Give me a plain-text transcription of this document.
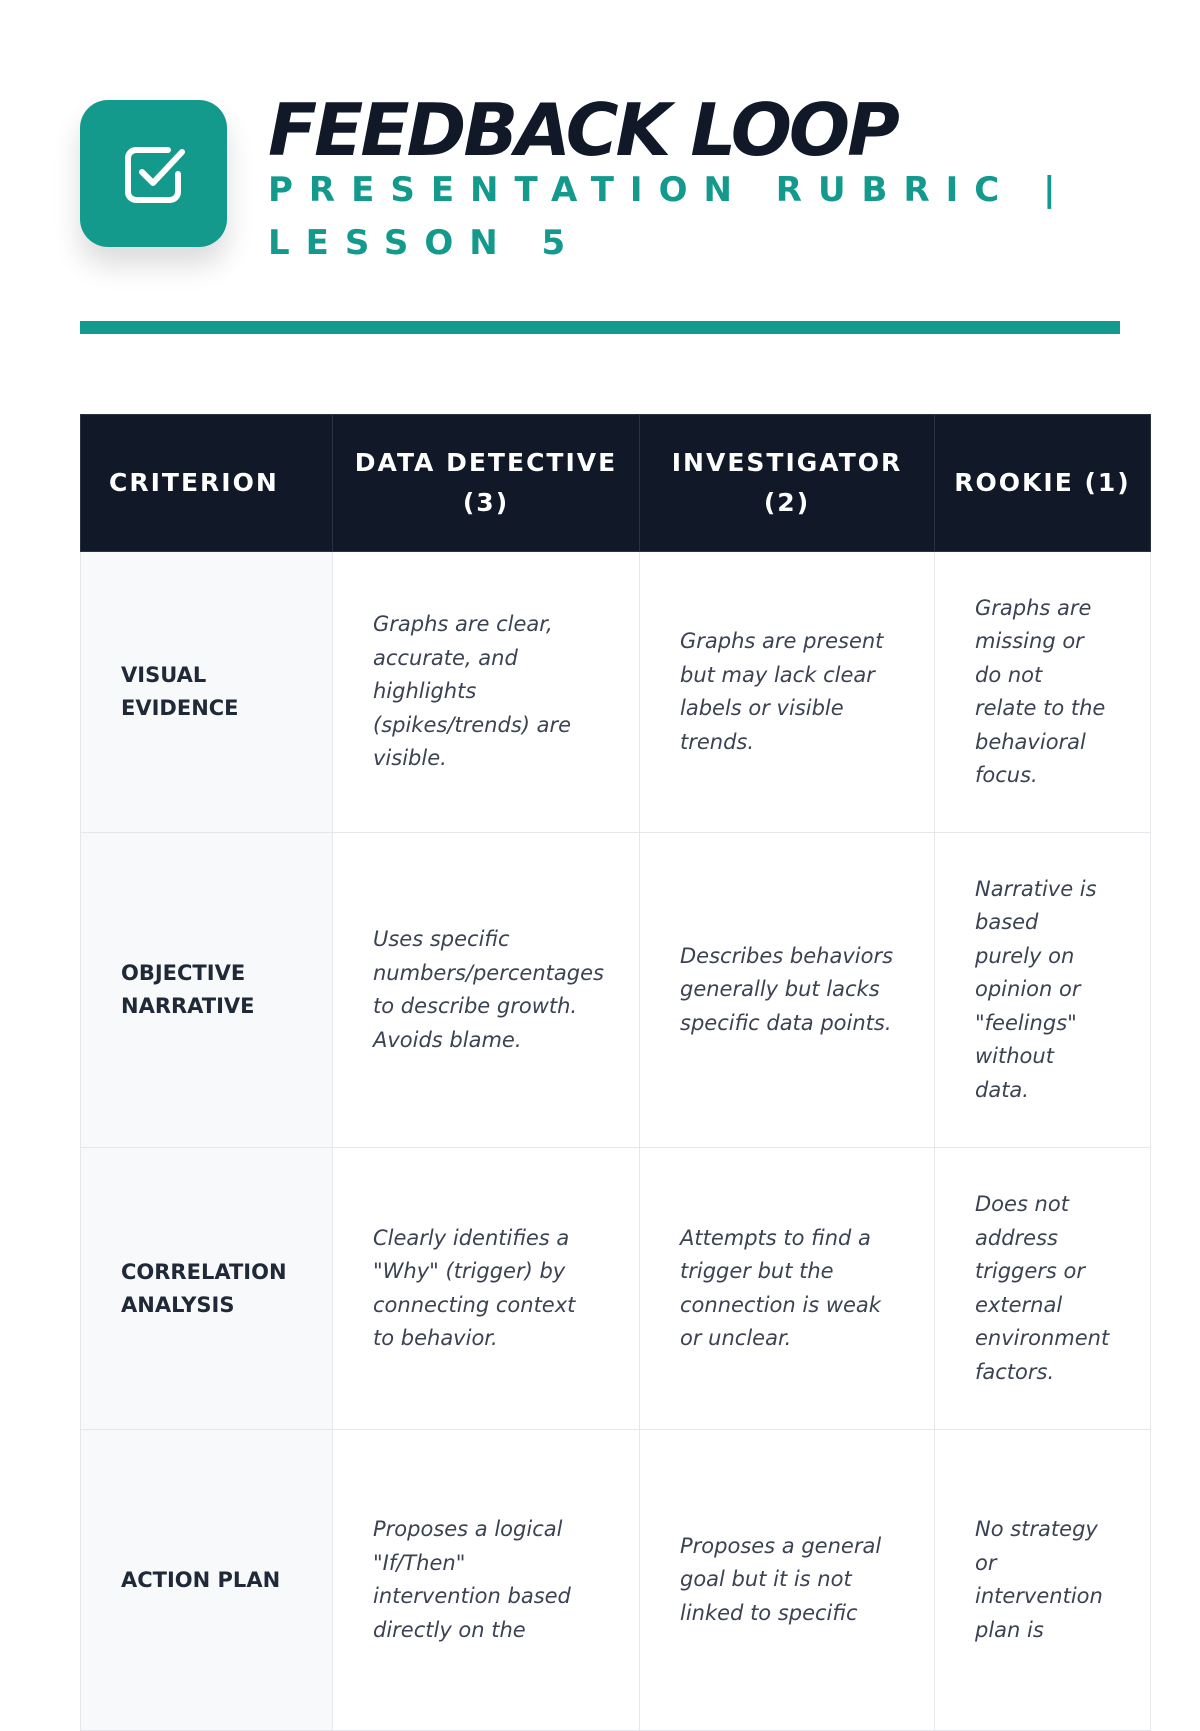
FEEDBACK LOOP
PRESENTATION RUBRIC | LESSON 5
CRITERION	DATA DETECTIVE (3)	INVESTIGATOR (2)	ROOKIE (1)
VISUAL EVIDENCE	Graphs are clear, accurate, and highlights (spikes/trends) are visible.	Graphs are present but may lack clear labels or visible trends.	Graphs are missing or do not relate to the behavioral focus.
OBJECTIVE NARRATIVE	Uses specific numbers/percentages to describe growth. Avoids blame.	Describes behaviors generally but lacks specific data points.	Narrative is based purely on opinion or "feelings" without data.
CORRELATION ANALYSIS	Clearly identifies a "Why" (trigger) by connecting context to behavior.	Attempts to find a trigger but the connection is weak or unclear.	Does not address triggers or external environment factors.
ACTION PLAN	Proposes a logical "If/Then" intervention based directly on the	Proposes a general goal but it is not linked to specific	No strategy or intervention plan is
